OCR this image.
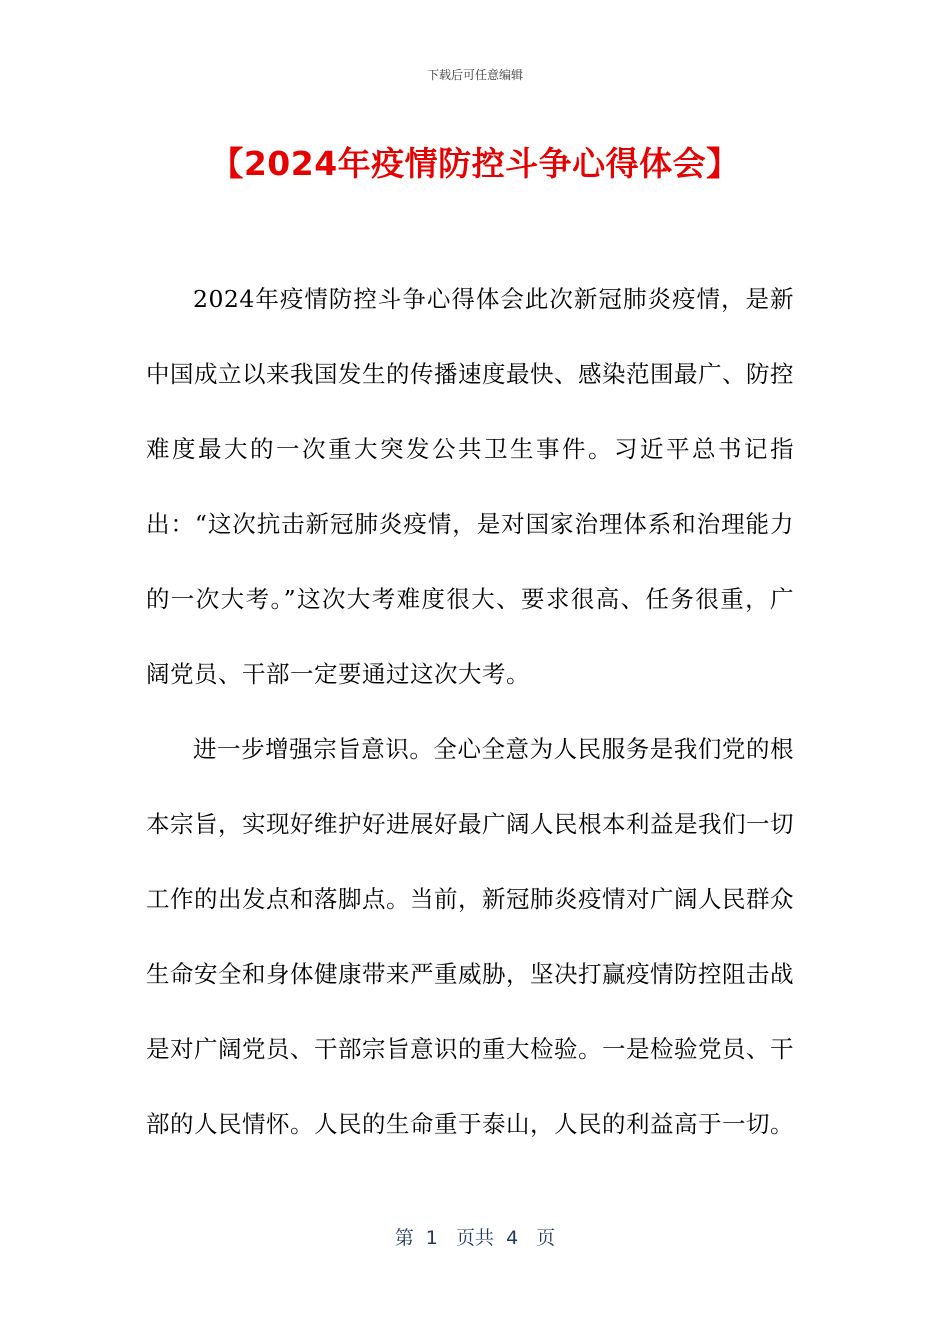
下载后可任意编辑
【2024年疫情防控斗争心得体会】

2024年疫情防控斗争心得体会此次新冠肺炎疫情，是新中国成立以来我国发生的传播速度最快、感染范围最广、防控难度最大的一次重大突发公共卫生事件。习近平总书记指出：“这次抗击新冠肺炎疫情，是对国家治理体系和治理能力的一次大考。”这次大考难度很大、要求很高、任务很重，广阔党员、干部一定要通过这次大考。

进一步增强宗旨意识。全心全意为人民服务是我们党的根本宗旨，实现好维护好进展好最广阔人民根本利益是我们一切工作的出发点和落脚点。当前，新冠肺炎疫情对广阔人民群众生命安全和身体健康带来严重威胁，坚决打赢疫情防控阻击战是对广阔党员、干部宗旨意识的重大检验。一是检验党员、干部的人民情怀。人民的生命重于泰山，人民的利益高于一切。

第  1   页共  4   页
